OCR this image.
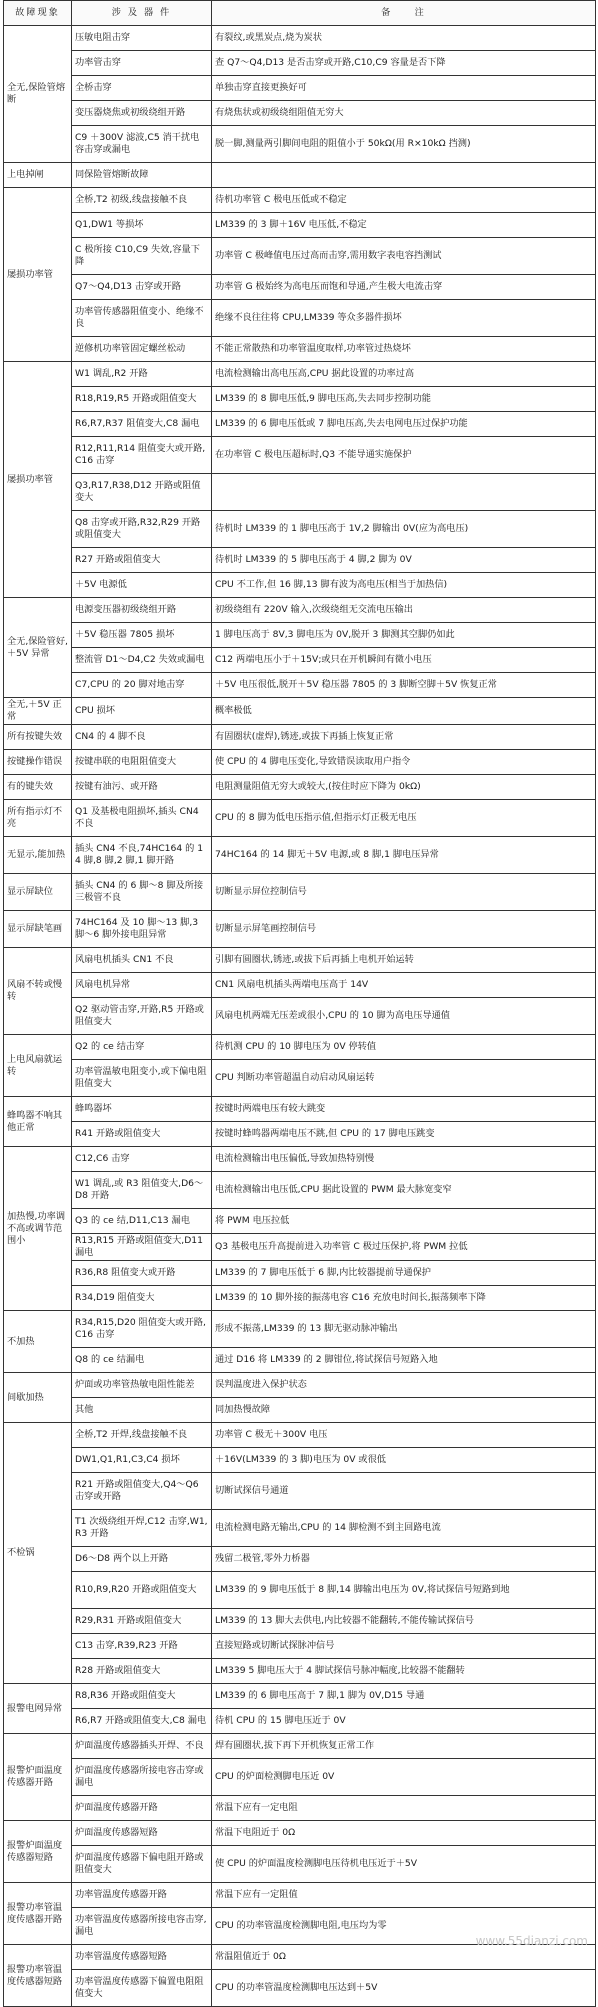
故障现象	涉 及 器 件	备　　注
全无,保险管熔断	压敏电阻击穿	有裂纹,或黑炭点,烧为炭状
	功率管击穿	查 Q7～Q4,D13 是否击穿或开路,C10,C9 容量是否下降
	全桥击穿	单独击穿直接更换好可
	变压器烧焦或初级绕组开路	有烧焦状或初级绕组阻值无穷大
	C9 ＋300V 滤波,C5 消干扰电容击穿或漏电	脱一脚,测量两引脚间电阻的阻值小于 50kΩ(用 R×10kΩ 挡测)
上电掉闸	同保险管熔断故障	
屡损功率管	全桥,T2 初级,线盘接触不良	待机功率管 C 极电压低或不稳定
	Q1,DW1 等损坏	LM339 的 3 脚＋16V 电压低,不稳定
	C 极所接 C10,C9 失效,容量下降	功率管 C 极峰值电压过高而击穿,需用数字表电容挡测试
	Q7～Q4,D13 击穿或开路	功率管 G 极始终为高电压而饱和导通,产生极大电流击穿
	功率管传感器阻值变小、绝缘不良	绝缘不良往往将 CPU,LM339 等众多器件损坏
	逆修机功率管固定螺丝松动	不能正常散热和功率管温度取样,功率管过热烧坏
屡损功率管	W1 调乱,R2 开路	电流检测输出高电压高,CPU 据此设置的功率过高
	R18,R19,R5 开路或阻值变大	LM339 的 8 脚电压低,9 脚电压高,失去同步控制功能
	R6,R7,R37 阻值变大,C8 漏电	LM339 的 6 脚电压低或 7 脚电压高,失去电网电压过保护功能
	R12,R11,R14 阻值变大或开路,C16 击穿	在功率管 C 极电压超标时,Q3 不能导通实施保护
	Q3,R17,R38,D12 开路或阻值变大	
	Q8 击穿或开路,R32,R29 开路或阻值变大	待机时 LM339 的 1 脚电压高于 1V,2 脚输出 0V(应为高电压)
	R27 开路或阻值变大	待机时 LM339 的 5 脚电压高于 4 脚,2 脚为 0V
	＋5V 电源低	CPU 不工作,但 16 脚,13 脚有波为高电压(相当于加热信)
全无,保险管好,＋5V 异常	电源变压器初级绕组开路	初级绕组有 220V 输入,次级绕组无交流电压输出
	＋5V 稳压器 7805 损坏	1 脚电压高于 8V,3 脚电压为 0V,脱开 3 脚测其空脚仍如此
	整流管 D1～D4,C2 失效或漏电	C12 两端电压小于＋15V;或只在开机瞬间有微小电压
	C7,CPU 的 20 脚对地击穿	＋5V 电压很低,脱开＋5V 稳压器 7805 的 3 脚断空脚＋5V 恢复正常
全无,＋5V 正常	CPU 损坏	概率极低
所有按键失效	CN4 的 4 脚不良	有固圈状(虚焊),锈迹,或拔下再插上恢复正常
按键操作错误	按键串联的电阻阻值变大	使 CPU 的 4 脚电压变化,导致错误读取用户指令
有的键失效	按键有油污、或开路	电阻测量阻值无穷大或较大,(按住时应下降为 0kΩ)
所有指示灯不亮	Q1 及基极电阻损坏,插头 CN4 不良	CPU 的 8 脚为低电压指示值,但指示灯正极无电压
无显示,能加热	插头 CN4 不良,74HC164 的 14 脚,8 脚,2 脚,1 脚开路	74HC164 的 14 脚无＋5V 电源,或 8 脚,1 脚电压异常
显示屏缺位	插头 CN4 的 6 脚～8 脚及所接三极管不良	切断显示屏位控制信号
显示屏缺笔画	74HC164 及 10 脚～13 脚,3 脚～6 脚外接电阻异常	切断显示屏笔画控制信号
风扇不转或慢转	风扇电机插头 CN1 不良	引脚有圆圈状,锈迹,或拔下后再插上电机开始运转
	风扇电机异常	CN1 风扇电机插头两端电压高于 14V
	Q2 驱动管击穿,开路,R5 开路或阻值变大	风扇电机两端无压差或很小,CPU 的 10 脚为高电压导通值
上电风扇就运转	Q2 的 ce 结击穿	待机测 CPU 的 10 脚电压为 0V 停转值
	功率管温敏电阻变小,或下偏电阻阻值变大	CPU 判断功率管超温自动启动风扇运转
蜂鸣器不响其他正常	蜂鸣器坏	按键时两端电压有较大跳变
	R41 开路或阻值变大	按键时蜂鸣器两端电压不跳,但 CPU 的 17 脚电压跳变
加热慢,功率调不高或调节范围小	C12,C6 击穿	电流检测输出电压偏低,导致加热特别慢
	W1 调乱,或 R3 阻值变大,D6～D8 开路	电流检测输出电压低,CPU 据此设置的 PWM 最大脉宽变窄
	Q3 的 ce 结,D11,C13 漏电	将 PWM 电压拉低
	R13,R15 开路或阻值变大,D11 漏电	Q3 基极电压升高提前进入功率管 C 极过压保护,将 PWM 拉低
	R36,R8 阻值变大或开路	LM339 的 7 脚电压低于 6 脚,内比较器提前导通保护
	R34,D19 阻值变大	LM339 的 10 脚外接的振荡电容 C16 充放电时间长,振荡频率下降
不加热	R34,R15,D20 阻值变大或开路,C16 击穿	形成不振荡,LM339 的 13 脚无驱动脉冲输出
	Q8 的 ce 结漏电	通过 D16 将 LM339 的 2 脚钳位,将试探信号短路入地
间歇加热	炉面或功率管热敏电阻性能差	误判温度进入保护状态
	其他	同加热慢故障
不检锅	全桥,T2 开焊,线盘接触不良	功率管 C 极无＋300V 电压
	DW1,Q1,R1,C3,C4 损坏	＋16V(LM339 的 3 脚)电压为 0V 或很低
	R21 开路或阻值变大,Q4～Q6 击穿或开路	切断试探信号通道
	T1 次级绕组开焊,C12 击穿,W1,R3 开路	电流检测电路无输出,CPU 的 14 脚检测不到主回路电流
	D6～D8 两个以上开路	残留二极管,零外力桥器
	R10,R9,R20 开路或阻值变大	LM339 的 9 脚电压低于 8 脚,14 脚输出电压为 0V,将试探信号短路到地
	R29,R31 开路或阻值变大	LM339 的 13 脚大去供电,内比较器不能翻转,不能传输试探信号
	C13 击穿,R39,R23 开路	直接短路或切断试探脉冲信号
	R28 开路或阻值变大	LM339 5 脚电压大于 4 脚试探信号脉冲幅度,比较器不能翻转
报警电网异常	R8,R36 开路或阻值变大	LM339 的 6 脚电压高于 7 脚,1 脚为 0V,D15 导通
	R6,R7 开路或阻值变大,C8 漏电	待机 CPU 的 15 脚电压近于 0V
报警炉面温度传感器开路	炉面温度传感器插头开焊、不良	焊有圆圈状,拔下再下开机恢复正常工作
	炉面温度传感器所接电容击穿或漏电	CPU 的炉面检测脚电压近 0V
	炉面温度传感器开路	常温下应有一定电阻
报警炉面温度传感器短路	炉面温度传感器短路	常温下电阻近于 0Ω
	炉面温度传感器下偏电阻开路或阻值变大	使 CPU 的炉面温度检测脚电压待机电压近于＋5V
报警功率管温度传感器开路	功率管温度传感器开路	常温下应有一定阻值
	功率管温度传感器所接电容击穿,漏电	CPU 的功率管温度检测脚电阻,电压均为零
报警功率管温度传感器短路	功率管温度传感器短路	常温阻值近于 0Ω
	功率管温度传感器下偏置电阻阻值变大	CPU 的功率管温度检测脚电压达到＋5V
www.55dianzi.com
